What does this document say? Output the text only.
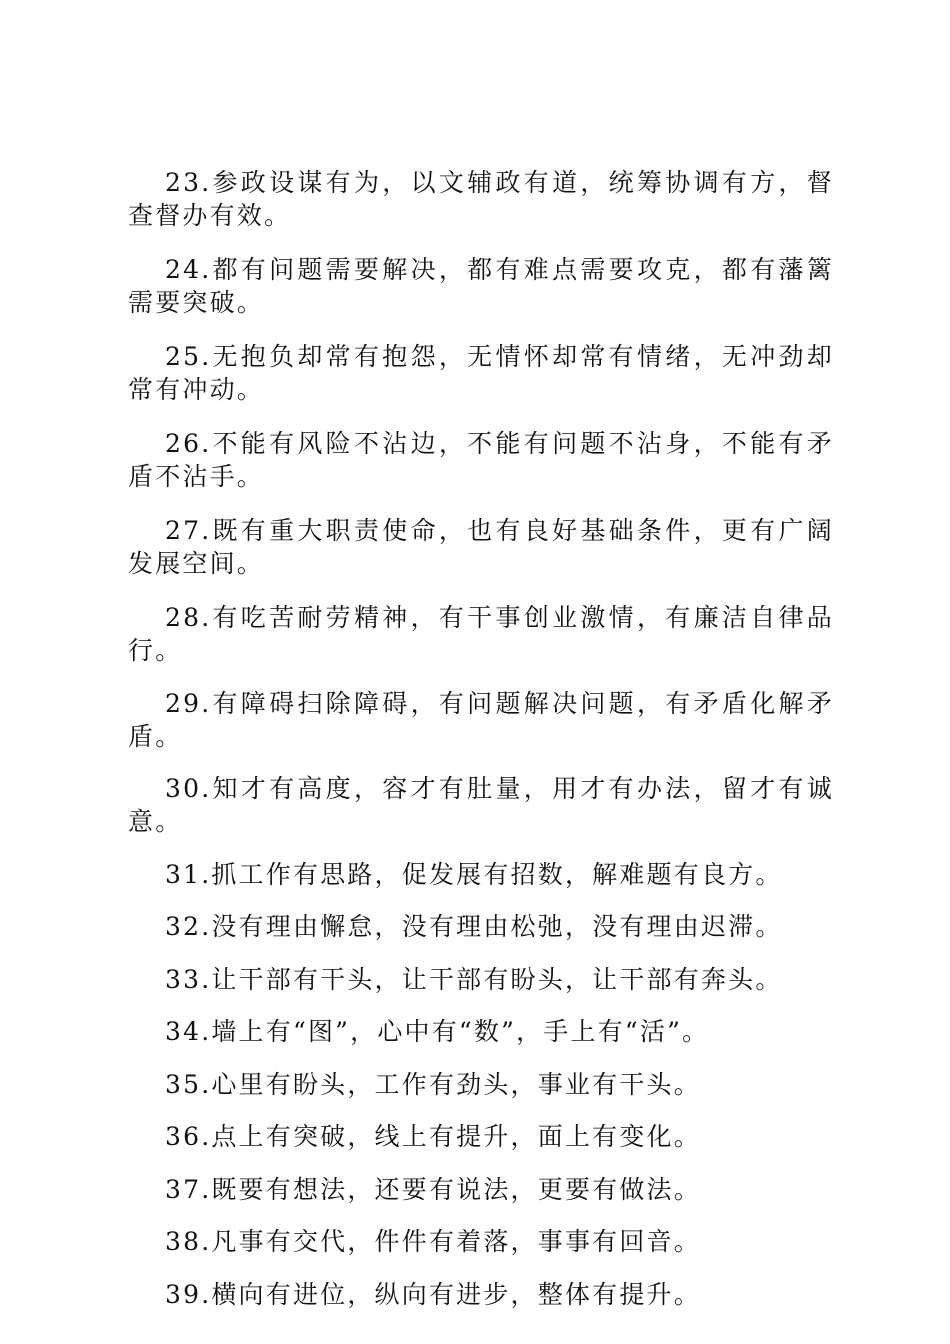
23.参政设谋有为，以文辅政有道，统筹协调有方，督查督办有效。

24.都有问题需要解决，都有难点需要攻克，都有藩篱需要突破。

25.无抱负却常有抱怨，无情怀却常有情绪，无冲劲却常有冲动。

26.不能有风险不沾边，不能有问题不沾身，不能有矛盾不沾手。

27.既有重大职责使命，也有良好基础条件，更有广阔发展空间。

28.有吃苦耐劳精神，有干事创业激情，有廉洁自律品行。

29.有障碍扫除障碍，有问题解决问题，有矛盾化解矛盾。

30.知才有高度，容才有肚量，用才有办法，留才有诚意。

31.抓工作有思路，促发展有招数，解难题有良方。

32.没有理由懈怠，没有理由松弛，没有理由迟滞。

33.让干部有干头，让干部有盼头，让干部有奔头。

34.墙上有“图”，心中有“数”，手上有“活”。

35.心里有盼头，工作有劲头，事业有干头。

36.点上有突破，线上有提升，面上有变化。

37.既要有想法，还要有说法，更要有做法。

38.凡事有交代，件件有着落，事事有回音。

39.横向有进位，纵向有进步，整体有提升。
